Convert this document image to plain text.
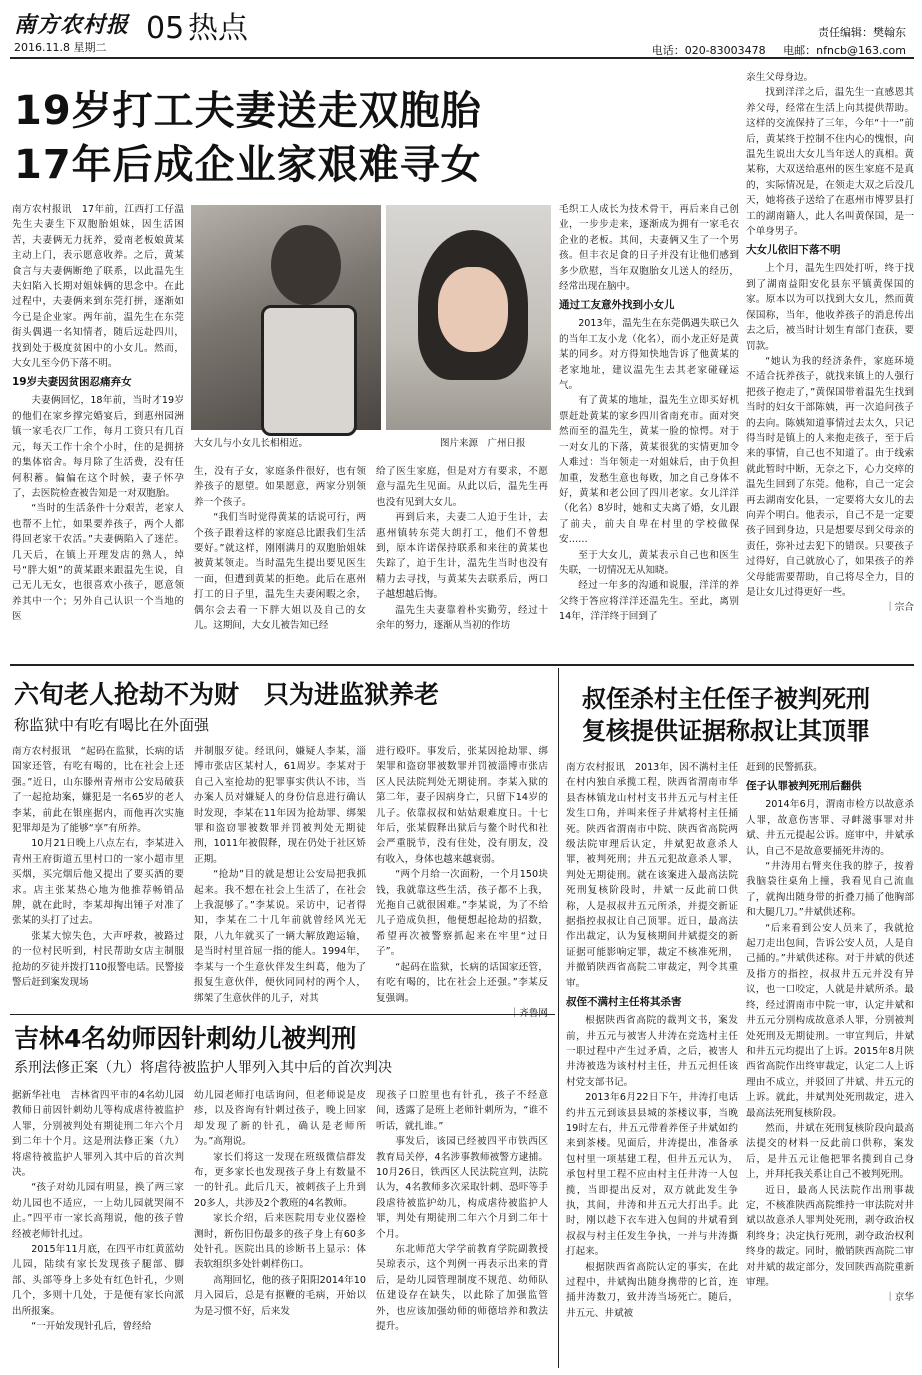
南方农村报
2016.11.8 星期二
05 热点	责任编辑：樊翰东
电话：020-83003478 电邮：nfncb@163.com
19岁打工夫妻送走双胞胎
17年后成企业家艰难寻女

南方农村报讯　17年前，江西打工仔温先生夫妻生下双胞胎姐妹，因生活困苦，夫妻俩无力抚养，爱南老板娘黄某主动上门，表示愿意收养。之后，黄某食言与夫妻俩断绝了联系，以此温先生夫妇陷入长期对姐妹俩的思念中。在此过程中，夫妻俩来到东莞打拼，逐渐如今已是企业家。两年前，温先生在东莞街头偶遇一名知情者，随后远赴四川，找到处于极度贫困中的小女儿。然而，大女儿至今仍下落不明。

19岁夫妻因贫困忍痛弃女

夫妻俩回忆，18年前，当时才19岁的他们在家乡撑完婚宴后，到惠州园洲镇一家毛衣厂工作，每月工资只有几百元，每天工作十余个小时，住的是拥挤的集体宿舍。每月除了生活费，没有任何积蓄。偏偏在这个时候，妻子怀孕了，去医院检查被告知是一对双胞胎。

“当时的生活条件十分艰苦，老家人也帮不上忙，如果要养孩子，两个人都得回老家干农活。”夫妻俩陷入了迷茫。几天后，在镇上开理发店的熟人，绰号“胖大姐”的黄某跟来跟温先生说，自己无儿无女，也很喜欢小孩子，愿意领养其中一个；另外自己认识一个当地的医

大女儿与小女儿长相相近。	图片来源　广州日报

生，没有子女，家庭条件很好，也有领养孩子的愿望。如果愿意，两家分别领养一个孩子。

“我们当时觉得黄某的话说可行，两个孩子跟着这样的家庭总比跟我们生活要好。”就这样，刚刚满月的双胞胎姐妹被黄某领走。当时温先生提出要见医生一面，但遭到黄某的拒绝。此后在惠州打工的日子里，温先生夫妻闲暇之余，偶尔会去看一下胖大姐以及自己的女儿。这期间，大女儿被告知已经

给了医生家庭，但是对方有要求，不愿意与温先生见面。从此以后，温先生再也没有见到大女儿。

再到后来，夫妻二人迫于生计，去惠州镇转东莞大朗打工，他们不曾想到，原本许诺保持联系和来往的黄某也失踪了，迫于生计，温先生当时也没有精力去寻找，与黄某失去联系后，两口子越想越后悔。

温先生夫妻靠着朴实勤劳，经过十余年的努力，逐渐从当初的作坊

毛织工人成长为技术骨干，再后来自己创业，一步步走来，逐渐成为拥有一家毛衣企业的老板。其间，夫妻俩又生了一个男孩。但丰衣足食的日子并没有让他们感到多少欣慰，当年双胞胎女儿送人的经历，经常出现在脑中。

通过工友意外找到小女儿

2013年，温先生在东莞偶遇失联已久的当年工友小龙（化名），而小龙正好是黄某的同乡。对方得知快地告诉了他黄某的老家地址，建议温先生去其老家碰碰运气。

有了黄某的地址，温先生立即买好机票赶赴黄某的家乡四川省南充市。面对突然而至的温先生，黄某一脸的惊愕。对于一对女儿的下落，黄某很犹的实情更加令人难过：当年领走一对姐妹后，由于负担加重，发愁生意也每败，加之自己身体不好，黄某和老公回了四川老家。女儿洋洋（化名）8岁时，她和丈夫离了婚，女儿跟了前夫，前夫自卑在村里的学校做保安……

至于大女儿，黄某表示自己也和医生失联，一切情况无从知晓。

经过一年多的沟通和说服，洋洋的养父终于答应将洋洋还温先生。至此，离别14年，洋洋终于回到了

亲生父母身边。

找到洋洋之后，温先生一直感恩其养父母，经常在生活上向其提供帮助。这样的交流保持了三年，今年“十一”前后，黄某终于控制不住内心的愧恨，向温先生说出大女儿当年送人的真相。黄某称，大双送给惠州的医生家庭不是真的，实际情况是，在领走大双之后没几天，她将孩子送给了在惠州市博罗县打工的湖南籍人，此人名叫黄保国，是一个单身男子。

大女儿依旧下落不明

上个月，温先生四处打听，终于找到了湖南益阳安化县东平镇黄保国的家。原本以为可以找到大女儿，然而黄保国称，当年，他收养孩子的消息传出去之后，被当时计划生育部门查获，要罚款。

“她认为我的经济条件，家庭环境不适合抚养孩子，就找来镇上的人强行把孩子抱走了，”黄保国带着温先生找到当时的妇女干部陈姨，再一次追问孩子的去向。陈姨知道事情过去太久，只记得当时是镇上的人来抱走孩子，至于后来的事情，自己也不知道了。由于线索就此暂时中断，无奈之下，心力交瘁的温先生回到了东莞。他称，自己一定会再去湖南安化县，一定要将大女儿的去向弄个明白。他表示，自己不是一定要孩子回到身边，只是想要尽到父母亲的责任，弥补过去犯下的错误。只要孩子过得好，自己就放心了，如果孩子的养父母能需要帮助，自己将尽全力，目的是让女儿过得更好一些。

｜宗合

六旬老人抢劫不为财　只为进监狱养老
称监狱中有吃有喝比在外面强

南方农村报讯　“起码在监狱，长病的话国家还管，有吃有喝的，比在社会上还强。”近日，山东滕州青州市公安局破获了一起抢劫案，嫌犯是一名65岁的老人李某，前此在银座据内，而他再次实施犯罪却是为了能够“享”有所养。

10月21日晚上八点左右，李某进入青州王府街道五里村口的一家小超市里买烟，买完烟后他又提出了要买酒的要求。店主张某热心地为他推荐畅销品牌，就在此时，李某却掏出锤子对准了张某的头打了过去。

张某大惊失色，大声呼救，被路过的一位村民听到，村民帮助女店主制服抢劫的歹徒并拨打110报警电话。民警接警后赶到案发现场

并制服歹徒。经讯问，嫌疑人李某，淄博市张店区某村人，61周岁。李某对于自己入室抢劫的犯罪事实供认不讳，当办案人员对嫌疑人的身份信息进行确认时发现，李某在11年因为抢劫罪、绑架罪和盗窃罪被数罪并罚被判处无期徒刑，1011年被假释，现在仍处于社区矫正期。

“抢劫”目的就是想让公安局把我抓起来。我不想在社会上生活了，在社会上我混够了。”李某说。采访中，记者得知，李某在二十几年前就曾经风光无限，八九年就买了一辆大解放跑运输，是当时村里首屈一指的能人。1994年，李某与一个生意伙伴发生纠葛，他为了报复生意伙伴，便伙同同村的两个人，绑架了生意伙伴的儿子，对其

进行殴吓。事发后，张某因抢劫罪、绑架罪和盗窃罪被数罪并罚被淄博市张店区人民法院判处无期徒刑。李某入狱的第二年，妻子因病身亡，只留下14岁的儿子。依靠叔叔和姑姑艰难度日。十七年后，张某假释出狱后与鳌个时代和社会严重脱节，没有住处，没有朋友，没有收入，身体也越来越衰弱。

“两个月给一次面粉，一个月150块钱，我就靠这些生活，孩子都不上我，光拖自己就很困难。”李某说，为了不给儿子造成负担，他便想起抢劫的招数，希望再次被警察抓起来在牢里“过日子”。

“起码在监狱，长病的话国家还管，有吃有喝的，比在社会上还强。”李某反复强调。

吉林4名幼师因针刺幼儿被判刑
系刑法修正案（九）将虐待被监护人罪列入其中后的首次判决

据新华社电　吉林省四平市的4名幼儿园教师日前因针刺幼儿等构成虐待被监护人罪，分别被判处有期徒刑二年六个月到二年十个月。这是刑法修正案（九）将虐待被监护人罪列入其中后的首次判决。

“孩子对幼儿园有明显，换了两三家幼儿园也不适应，一上幼儿园就哭闹不止。”四平市一家长高翔说，他的孩子曾经被老师针扎过。

2015年11月底，在四平市红黄蓝幼儿园，陆续有家长发现孩子腿部、脚部、头部等身上多处有红色针孔，少则几个，多则十几处，于是便有家长向派出所报案。

“一开始发现针孔后，曾经给

幼儿园老师打电话询问，但老师说是皮疹，以及咨询有针刺过孩子，晚上回家却发现了新的针孔，确认是老师所为。”高翔说。

家长们将这一发现在班级微信群发布，更多家长也发现孩子身上有数量不一的针孔。此后几天，被刺孩子上升到20多人，共涉及2个教班的4名教师。

家长介绍，后来医院用专业仪器检测时，新伤旧伤最多的孩子身上有60多处针孔。医院出具的诊断书上显示：体表软组织多处针刺样伤口。

高翔回忆，他的孩子阳阳2014年10月入园后，总是有抠鞭的毛病，开始以为是习惯不好，后来发

现孩子口腔里也有针孔，孩子不经意间，透露了是班上老师针刺所为，“谁不听话，就扎谁。”

事发后，该园已经被四平市铁西区教育局关停，4名涉事教师被警方逮捕。10月26日，铁西区人民法院宣判，法院认为，4名教师多次采取针刺、恐吓等手段虐待被监护幼儿，构成虐待被监护人罪，判处有期徒刑二年六个月到二年十个月。

东北师范大学学前教育学院副教授吴琼表示，这个判例一再表示出来的背后，是幼儿园管理制度不规范、幼师队伍建设存在缺失，以此除了加强监管外，也应该加强幼师的师德培养和教法提升。

叔侄杀村主任侄子被判死刑
复核提供证据称叔让其顶罪

南方农村报讯　2013年，因不满村主任在村内独自承揽工程，陕西省渭南市华县杏林镇龙山村村支书井五元与村主任发生口角，并叫来侄子井斌将村主任捅死。陕西省渭南市中院、陕西省高院两级法院审理后认定，井斌犯故意杀人罪，被判死刑；井五元犯故意杀人罪，判处无期徒刑。就在该案进入最高法院死刑复核阶段时，井斌一反此前口供称，人是叔叔井五元所杀，并提交新证据指控叔叔让自己顶罪。近日，最高法作出裁定，认为复核期间井斌提交的新证据可能影响定罪，裁定不核准死刑，并撤销陕西省高院二审裁定，判令其重审。

叔侄不满村主任将其杀害

根据陕西省高院的裁判文书，案发前，井五元与被害人井涛在竞选村主任一职过程中产生过矛盾，之后，被害人井涛被选为该村村主任，井五元担任该村党支部书记。

2013年6月22日下午，井涛打电话约井五元到该县县城的茶楼议事，当晚19时左右，井五元带着养侄子井斌如约来到茶楼。见面后，井涛提出，准备承包村里一项基建工程，但井五元认为，承包村里工程不应由村主任井涛一人包揽，当即提出反对，双方就此发生争执，其间，井涛和井五元大打出手。此时，刚以趁下衣车进入包间的井斌看到叔叔与村主任发生争执，一并与井涛撕打起来。

根据陕西省高院认定的事实，在此过程中，井斌掏出随身携带的匕首，连捅井涛数刀，致井涛当场死亡。随后，井五元、井斌被

赶到的民警抓获。

侄子认罪被判死刑后翻供

2014年6月，渭南市检方以故意杀人罪，故意伤害罪、寻衅滋事罪对井斌、井五元提起公诉。庭审中，井斌承认，自己不是故意要捅死井涛的。

“井涛用右臂夹住我的脖子，按着我脑袋往桌角上撞，我看见自己流血了，就掏出随身带的折叠刀捅了他胸部和大腿几刀。”井斌供述称。

“后来看到公安人员来了，我就抢起刀走出包间，告诉公安人员，人是自己捅的。”井斌供述称。对于井斌的供述及指方的指控，叔叔井五元并没有异议，也一口咬定，人就是井斌所杀。最终，经过渭南市中院一审，认定井斌和井五元分别构成故意杀人罪，分别被判处死刑及无期徒刑。一审宣判后，井斌和井五元均提出了上诉。2015年8月陕西省高院作出终审裁定，认定二人上诉理由不成立，并驳回了井斌、井五元的上诉。就此，井斌判处死刑裁定，进入最高法死刑复核阶段。

然而，井斌在死刑复核阶段向最高法提交的材料一反此前口供称，案发后，是井五元让他把罪名揽到自己身上，并拜托我关系让自己不被判死刑。

近日，最高人民法院作出刑事裁定，不核准陕西高院维持一审法院对井斌以故意杀人罪判处死刑，剥夺政治权利终身；决定执行死刑，剥夺政治权利终身的裁定。同时，撤销陕西高院二审对井斌的裁定部分，发回陕西高院重新审理。

｜京华
